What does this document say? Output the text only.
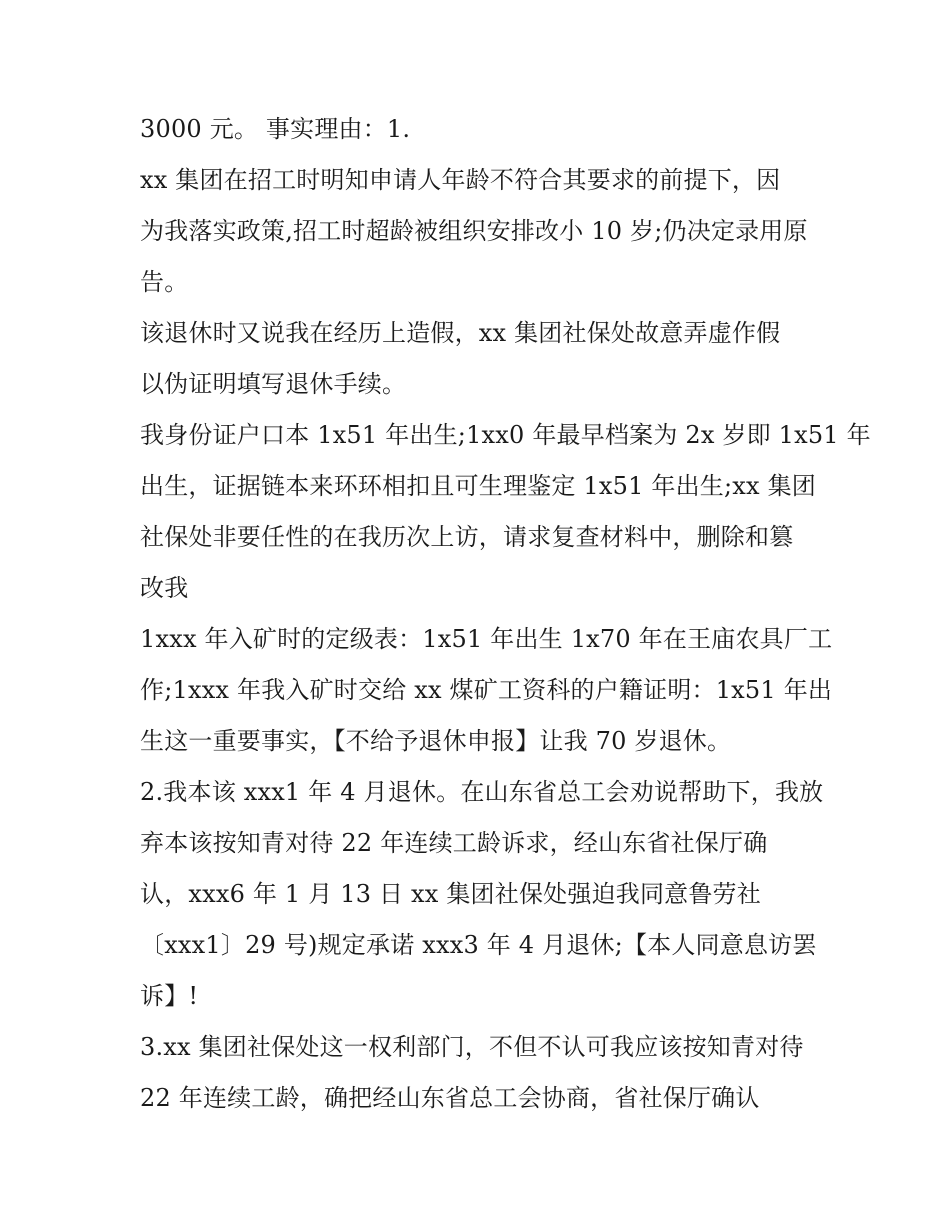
3000 元。 事实理由：1.
xx 集团在招工时明知申请人年龄不符合其要求的前提下，因
为我落实政策,招工时超龄被组织安排改小 10 岁;仍决定录用原
告。
该退休时又说我在经历上造假，xx 集团社保处故意弄虚作假
以伪证明填写退休手续。
我身份证户口本 1x51 年出生;1xx0 年最早档案为 2x 岁即 1x51 年
出生，证据链本来环环相扣且可生理鉴定 1x51 年出生;xx 集团
社保处非要任性的在我历次上访，请求复查材料中，删除和篡
改我
1xxx 年入矿时的定级表：1x51 年出生 1x70 年在王庙农具厂工
作;1xxx 年我入矿时交给 xx 煤矿工资科的户籍证明：1x51 年出
生这一重要事实，【不给予退休申报】让我 70 岁退休。
2.我本该 xxx1 年 4 月退休。在山东省总工会劝说帮助下，我放
弃本该按知青对待 22 年连续工龄诉求，经山东省社保厅确
认，xxx6 年 1 月 13 日 xx 集团社保处强迫我同意鲁劳社
〔xxx1〕29 号)规定承诺 xxx3 年 4 月退休;【本人同意息访罢
诉】!
3.xx 集团社保处这一权利部门，不但不认可我应该按知青对待
22 年连续工龄，确把经山东省总工会协商，省社保厅确认
